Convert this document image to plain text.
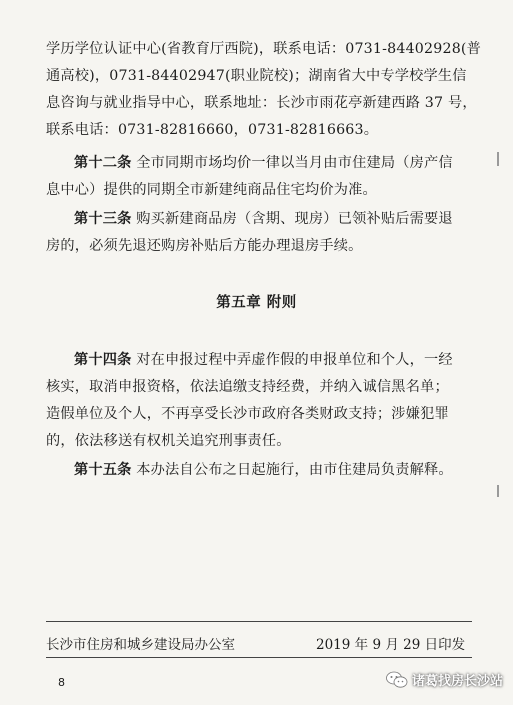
学历学位认证中心(省教育厅西院)，联系电话：0731-84402928(普
通高校)，0731-84402947(职业院校)；湖南省大中专学校学生信
息咨询与就业指导中心，联系地址：长沙市雨花亭新建西路 37 号，
联系电话：0731-82816660，0731-82816663。
第十二条 全市同期市场均价一律以当月由市住建局（房产信
息中心）提供的同期全市新建纯商品住宅均价为准。
第十三条 购买新建商品房（含期、现房）已领补贴后需要退
房的，必须先退还购房补贴后方能办理退房手续。
第五章 附则
第十四条 对在申报过程中弄虚作假的申报单位和个人，一经
核实，取消申报资格，依法追缴支持经费，并纳入诚信黑名单；
造假单位及个人，不再享受长沙市政府各类财政支持；涉嫌犯罪
的，依法移送有权机关追究刑事责任。
第十五条 本办法自公布之日起施行，由市住建局负责解释。
长沙市住房和城乡建设局办公室	2019 年 9 月 29 日印发
8	诸葛找房长沙站
